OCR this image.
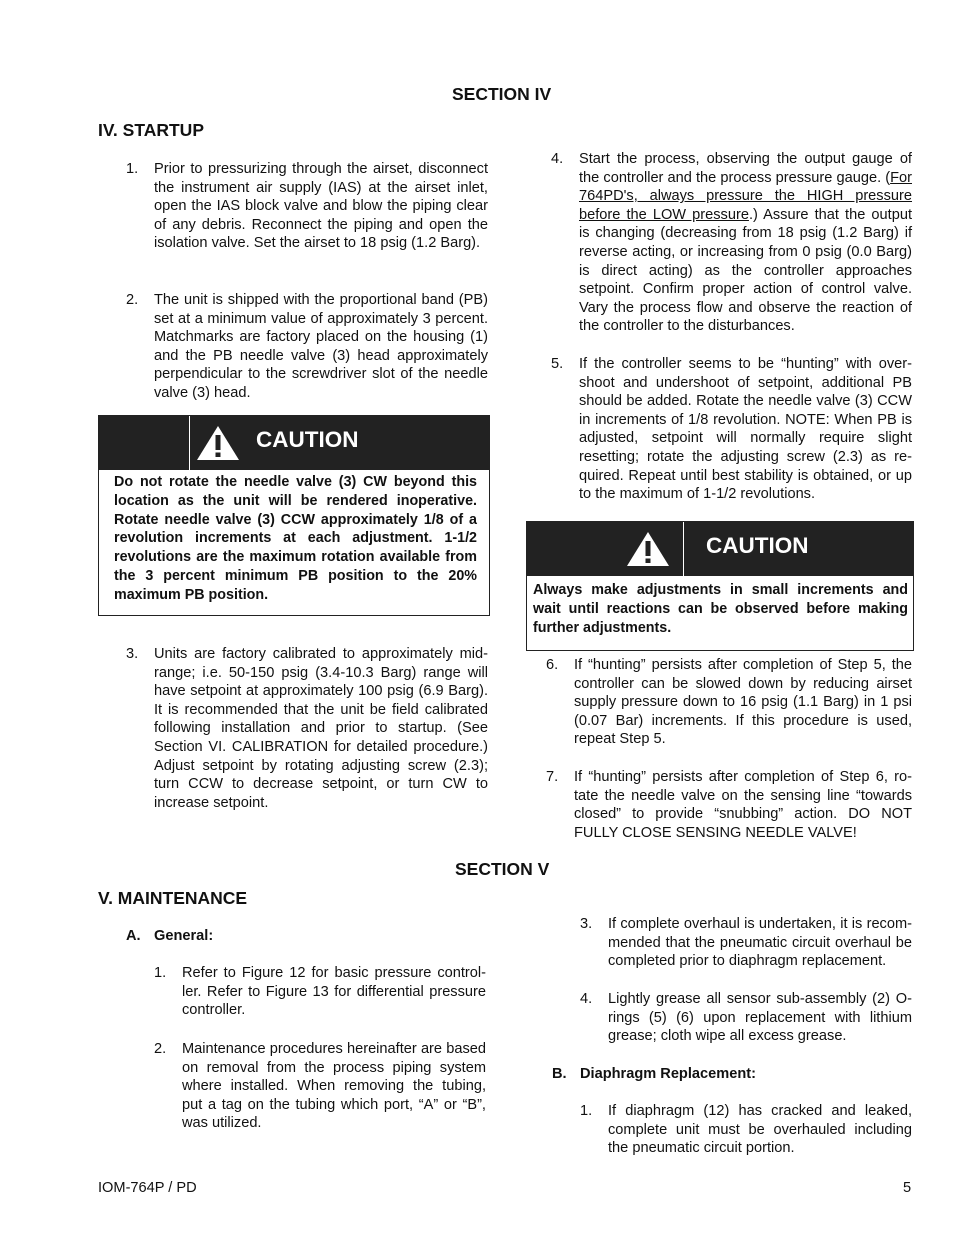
SECTION IV
IV. STARTUP
1. Prior to pressurizing through the airset, disconnect the instrument air supply (IAS) at the airset inlet, open the IAS block valve and blow the piping clear of any debris. Reconnect the piping and open the isolation valve. Set the airset to 18 psig (1.2 Barg).
2. The unit is shipped with the proportional band (PB) set at a minimum value of approximately 3 percent. Matchmarks are factory placed on the housing (1) and the PB needle valve (3) head approximately perpendicular to the screwdriver slot of the needle valve (3) head.
CAUTION
Do not rotate the needle valve (3) CW beyond this location as the unit will be rendered inoperative. Rotate needle valve (3) CCW approximately 1/8 of a revolution increments at each adjustment. 1-1/2 revolutions are the maximum rotation available from the 3 percent minimum PB position to the 20% maximum PB position.
3. Units are factory calibrated to approximately mid-range; i.e. 50-150 psig (3.4-10.3 Barg) range will have setpoint at approximately 100 psig (6.9 Barg). It is recommended that the unit be field calibrated following installation and prior to startup. (See Section VI. CALIBRATION for detailed procedure.) Adjust setpoint by rotating adjusting screw (2.3); turn CCW to decrease setpoint, or turn CW to increase setpoint.
4. Start the process, observing the output gauge of the controller and the process pressure gauge. (For 764PD's, always pressure the HIGH pressure before the LOW pressure.) Assure that the output is changing (decreasing from 18 psig (1.2 Barg) if reverse acting, or increasing from 0 psig (0.0 Barg) is direct acting) as the controller approaches setpoint. Confirm proper action of control valve. Vary the process flow and observe the reaction of the controller to the disturbances.
5. If the controller seems to be “hunting” with over-shoot and undershoot of setpoint, additional PB should be added. Rotate the needle valve (3) CCW in increments of 1/8 revolution. NOTE: When PB is adjusted, setpoint will normally require slight resetting; rotate the adjusting screw (2.3) as re-quired. Repeat until best stability is obtained, or up to the maximum of 1-1/2 revolutions.
CAUTION
Always make adjustments in small increments and wait until reactions can be observed before making further adjustments.
6. If “hunting” persists after completion of Step 5, the controller can be slowed down by reducing airset supply pressure down to 16 psig (1.1 Barg) in 1 psi (0.07 Bar) increments. If this procedure is used, repeat Step 5.
7. If “hunting” persists after completion of Step 6, ro-tate the needle valve on the sensing line “towards closed” to provide “snubbing” action. DO NOT FULLY CLOSE SENSING NEEDLE VALVE!
SECTION V
V. MAINTENANCE
A. General:
1. Refer to Figure 12 for basic pressure control-ler. Refer to Figure 13 for differential pressure controller.
2. Maintenance procedures hereinafter are based on removal from the process piping system where installed. When removing the tubing, put a tag on the tubing which port, “A” or “B”, was utilized.
3. If complete overhaul is undertaken, it is recom-mended that the pneumatic circuit overhaul be completed prior to diaphragm replacement.
4. Lightly grease all sensor sub-assembly (2) O-rings (5) (6) upon replacement with lithium grease; cloth wipe all excess grease.
B. Diaphragm Replacement:
1. If diaphragm (12) has cracked and leaked, complete unit must be overhauled including the pneumatic circuit portion.
IOM-764P / PD	5
